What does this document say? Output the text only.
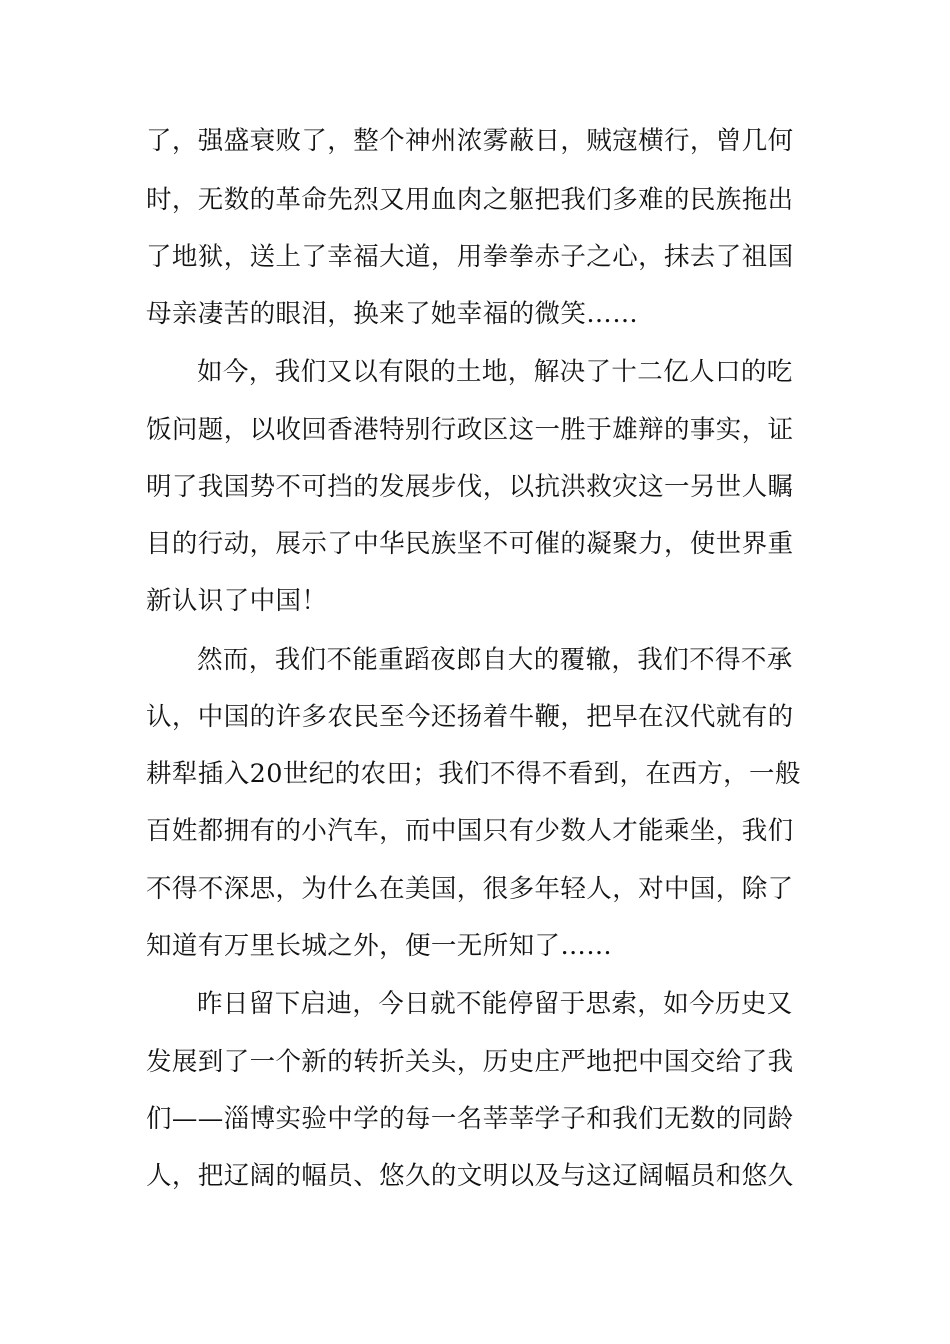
了，强盛衰败了，整个神州浓雾蔽日，贼寇横行，曾几何
时，无数的革命先烈又用血肉之躯把我们多难的民族拖出
了地狱，送上了幸福大道，用拳拳赤子之心，抹去了祖国
母亲凄苦的眼泪，换来了她幸福的微笑……
如今，我们又以有限的土地，解决了十二亿人口的吃
饭问题，以收回香港特别行政区这一胜于雄辩的事实，证
明了我国势不可挡的发展步伐，以抗洪救灾这一另世人瞩
目的行动，展示了中华民族坚不可催的凝聚力，使世界重
新认识了中国！
然而，我们不能重蹈夜郎自大的覆辙，我们不得不承
认，中国的许多农民至今还扬着牛鞭，把早在汉代就有的
耕犁插入20世纪的农田；我们不得不看到，在西方，一般
百姓都拥有的小汽车，而中国只有少数人才能乘坐，我们
不得不深思，为什么在美国，很多年轻人，对中国，除了
知道有万里长城之外，便一无所知了……
昨日留下启迪，今日就不能停留于思索，如今历史又
发展到了一个新的转折关头，历史庄严地把中国交给了我
们——淄博实验中学的每一名莘莘学子和我们无数的同龄
人，把辽阔的幅员、悠久的文明以及与这辽阔幅员和悠久
